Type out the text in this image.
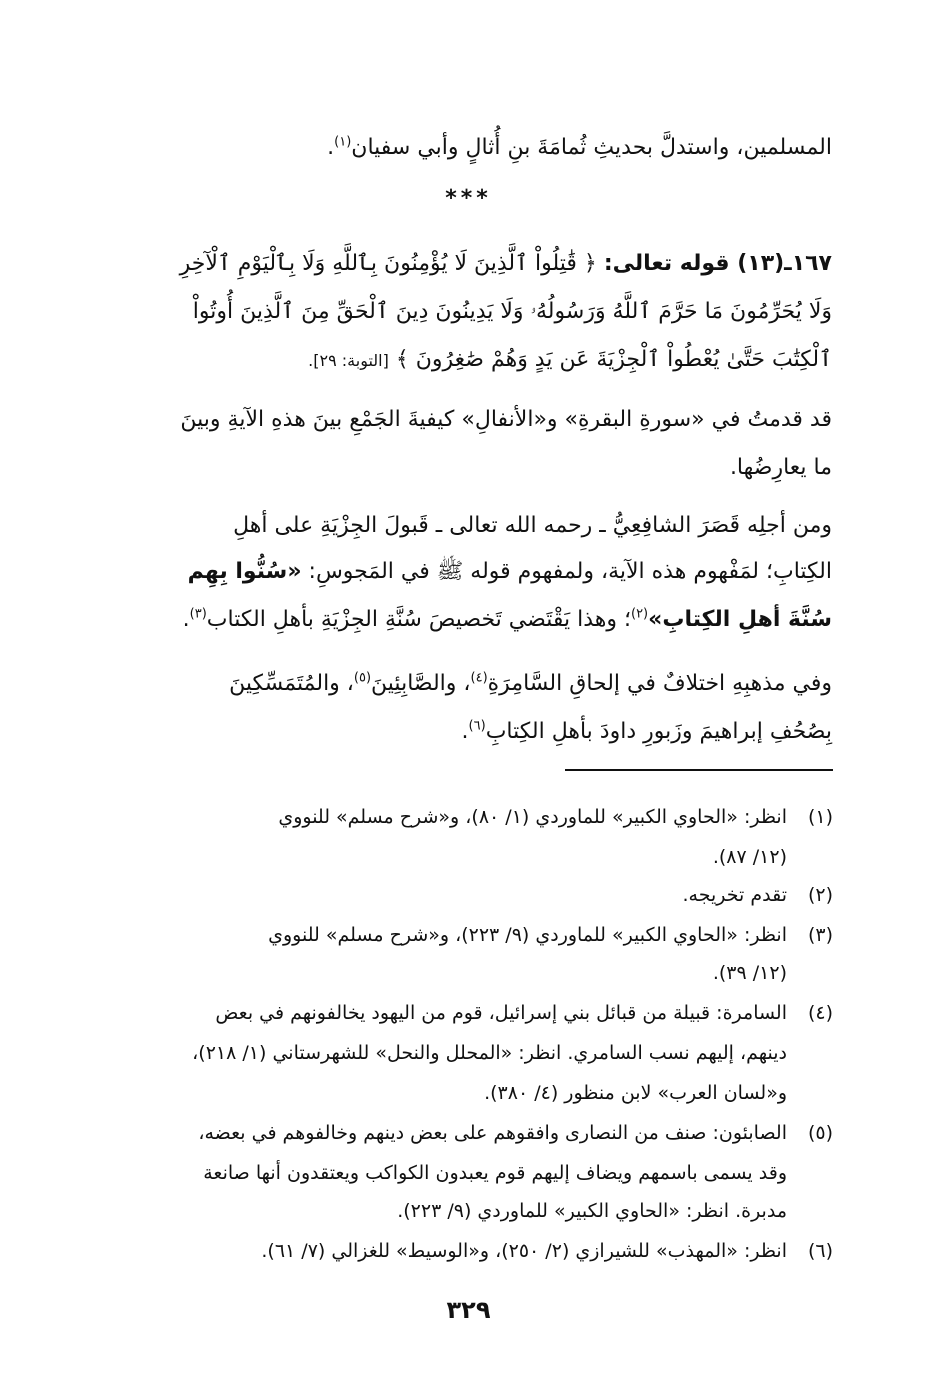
المسلمين، واستدلَّ بحديثِ ثُمامَةَ بنِ أُثالٍ وأبي سفيان$^{(١)}$.
***
١٦٧ـ(١٣) قوله تعالى: ﴿ قَٰتِلُواْ ٱلَّذِينَ لَا يُؤْمِنُونَ بِٱللَّهِ وَلَا بِٱلْيَوْمِ ٱلْآخِرِ
وَلَا يُحَرِّمُونَ مَا حَرَّمَ ٱللَّهُ وَرَسُولُهُۥ وَلَا يَدِينُونَ دِينَ ٱلْحَقِّ مِنَ ٱلَّذِينَ أُوتُواْ
ٱلْكِتَٰبَ حَتَّىٰ يُعْطُواْ ٱلْجِزْيَةَ عَن يَدٍ وَهُمْ صَٰغِرُونَ ﴾ [التوبة: ٢٩].
قد قدمتُ في «سورةِ البقرةِ» و«الأنفالِ» كيفيةَ الجَمْعِ بينَ هذهِ الآيةِ وبينَ
ما يعارِضُها.
ومن أجلِه قَصَرَ الشافِعِيُّ ـ رحمه الله تعالى ـ قَبولَ الجِزْيَةِ على أهلِ
الكِتابِ؛ لمَفْهوم هذه الآية، ولمفهوم قوله ﷺ في المَجوسِ: «سُنُّوا بِهِم
سُنَّةَ أهلِ الكِتابِ»$^{(٢)}$؛ وهذا يَقْتَضي تَخصيصَ سُنَّةِ الجِزْيَةِ بأهلِ الكتاب$^{(٣)}$.
وفي مذهبِهِ اختلافٌ في إلحاقِ السَّامِرَةِ$^{(٤)}$، والصَّابِئِينَ$^{(٥)}$، والمُتَمَسِّكِينَ
بِصُحُفِ إبراهيمَ وزَبورِ داودَ بأهلِ الكِتابِ$^{(٦)}$.
(١)
انظر: «الحاوي الكبير» للماوردي (١/ ٨٠)، و«شرح مسلم» للنووي
(١٢/ ٨٧).
(٢)
تقدم تخريجه.
(٣)
انظر: «الحاوي الكبير» للماوردي (٩/ ٢٢٣)، و«شرح مسلم» للنووي
(١٢/ ٣٩).
(٤)
السامرة: قبيلة من قبائل بني إسرائيل، قوم من اليهود يخالفونهم في بعض
دينهم، إليهم نسب السامري. انظر: «المحلل والنحل» للشهرستاني (١/ ٢١٨)،
و«لسان العرب» لابن منظور (٤/ ٣٨٠).
(٥)
الصابئون: صنف من النصارى وافقوهم على بعض دينهم وخالفوهم في بعضه،
وقد يسمى باسمهم ويضاف إليهم قوم يعبدون الكواكب ويعتقدون أنها صانعة
مدبرة. انظر: «الحاوي الكبير» للماوردي (٩/ ٢٢٣).
(٦)
انظر: «المهذب» للشيرازي (٢/ ٢٥٠)، و«الوسيط» للغزالي (٧/ ٦١).
٣٢٩
